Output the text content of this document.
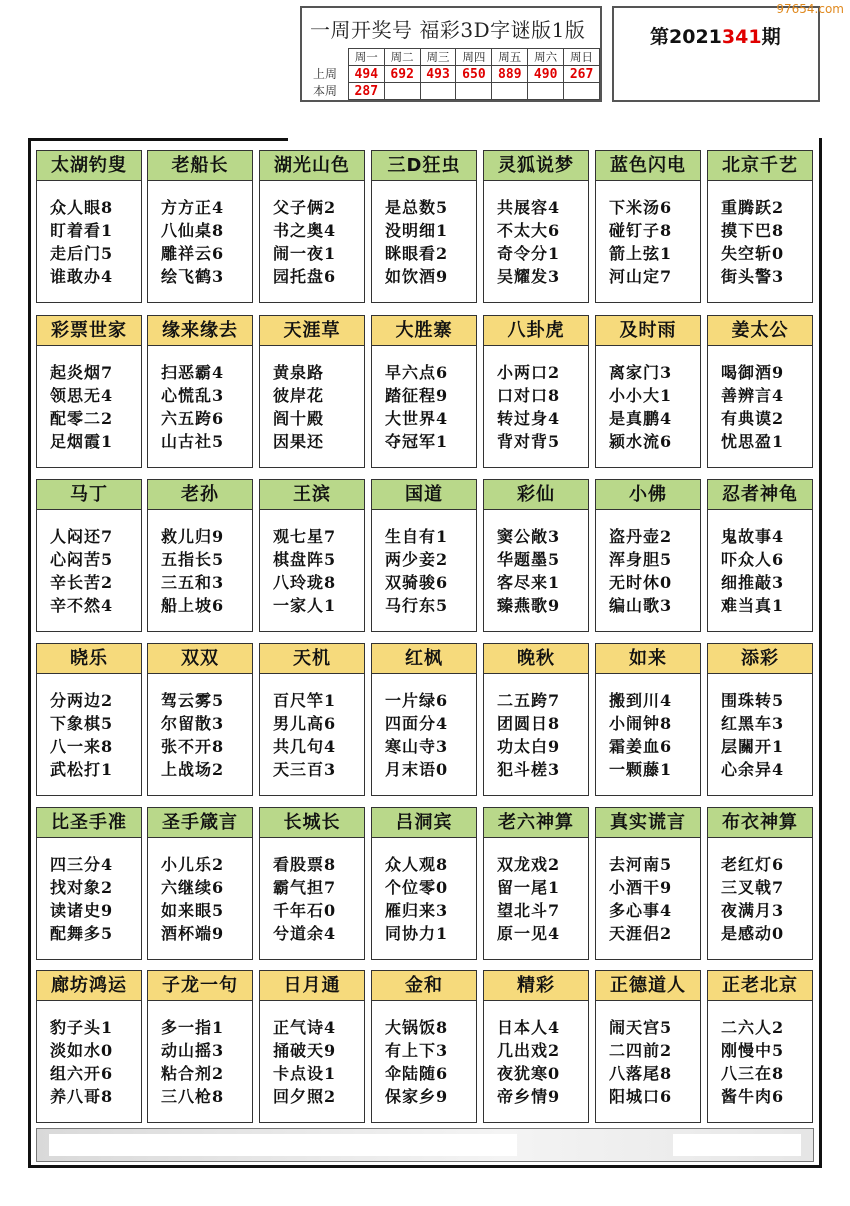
一周开奖号 福彩3D字谜版1版
	周一	周二	周三	周四	周五	周六	周日
上周	494	692	493	650	889	490	267
本周	287						
第2021341期
97654.com
太湖钓叟
众人眼8
盯着看1
走后门5
谁敢办4
老船长
方方正4
八仙桌8
雕祥云6
绘飞鹤3
湖光山色
父子俩2
书之奥4
闹一夜1
园托盘6
三D狂虫
是总数5
没明细1
眯眼看2
如饮酒9
灵狐说梦
共展容4
不太大6
奇令分1
吴耀发3
蓝色闪电
下米汤6
碰钉子8
箭上弦1
河山定7
北京千艺
重腾跃2
摸下巴8
失空斩0
街头警3
彩票世家
起炎烟7
领思无4
配零二2
足烟霞1
缘来缘去
扫恶霸4
心慌乱3
六五跨6
山古社5
天涯草
黄泉路
彼岸花
阎十殿
因果还
大胜寨
早六点6
踏征程9
大世界4
夺冠军1
八卦虎
小两口2
口对口8
转过身4
背对背5
及时雨
离家门3
小小大1
是真鹏4
颍水流6
姜太公
喝御酒9
善辨言4
有典谟2
忧思盈1
马丁
人闷还7
心闷苦5
辛长苦2
辛不然4
老孙
救儿归9
五指长5
三五和3
船上坡6
王滨
观七星7
棋盘阵5
八玲珑8
一家人1
国道
生自有1
两少妾2
双骑骏6
马行东5
彩仙
窦公敞3
华题墨5
客尽来1
臻燕歌9
小佛
盗丹壶2
浑身胆5
无时休0
编山歌3
忍者神龟
鬼故事4
吓众人6
细推敲3
难当真1
晓乐
分两边2
下象棋5
八一来8
武松打1
双双
驾云雾5
尔留散3
张不开8
上战场2
天机
百尺竿1
男儿高6
共几句4
天三百3
红枫
一片绿6
四面分4
寒山寺3
月末语0
晚秋
二五跨7
团圆日8
功太白9
犯斗槎3
如来
搬到川4
小闹钟8
霜姜血6
一颗藤1
添彩
围珠转5
红黑车3
层關开1
心余异4
比圣手准
四三分4
找对象2
读诸史9
配舞多5
圣手箴言
小儿乐2
六继续6
如来眼5
酒杯端9
长城长
看股票8
霸气担7
千年石0
兮道余4
吕洞宾
众人观8
个位零0
雁归来3
同协力1
老六神算
双龙戏2
留一尾1
望北斗7
原一见4
真实谎言
去河南5
小酒干9
多心事4
天涯侣2
布衣神算
老红灯6
三叉戟7
夜满月3
是感动0
廊坊鸿运
豹子头1
淡如水0
组六开6
养八哥8
子龙一句
多一指1
动山摇3
粘合剂2
三八枪8
日月通
正气诗4
捅破天9
卡点设1
回夕照2
金和
大锅饭8
有上下3
伞陆随6
保家乡9
精彩
日本人4
几出戏2
夜犹寒0
帝乡情9
正德道人
闹天宫5
二四前2
八落尾8
阳城口6
正老北京
二六人2
刚慢中5
八三在8
酱牛肉6
